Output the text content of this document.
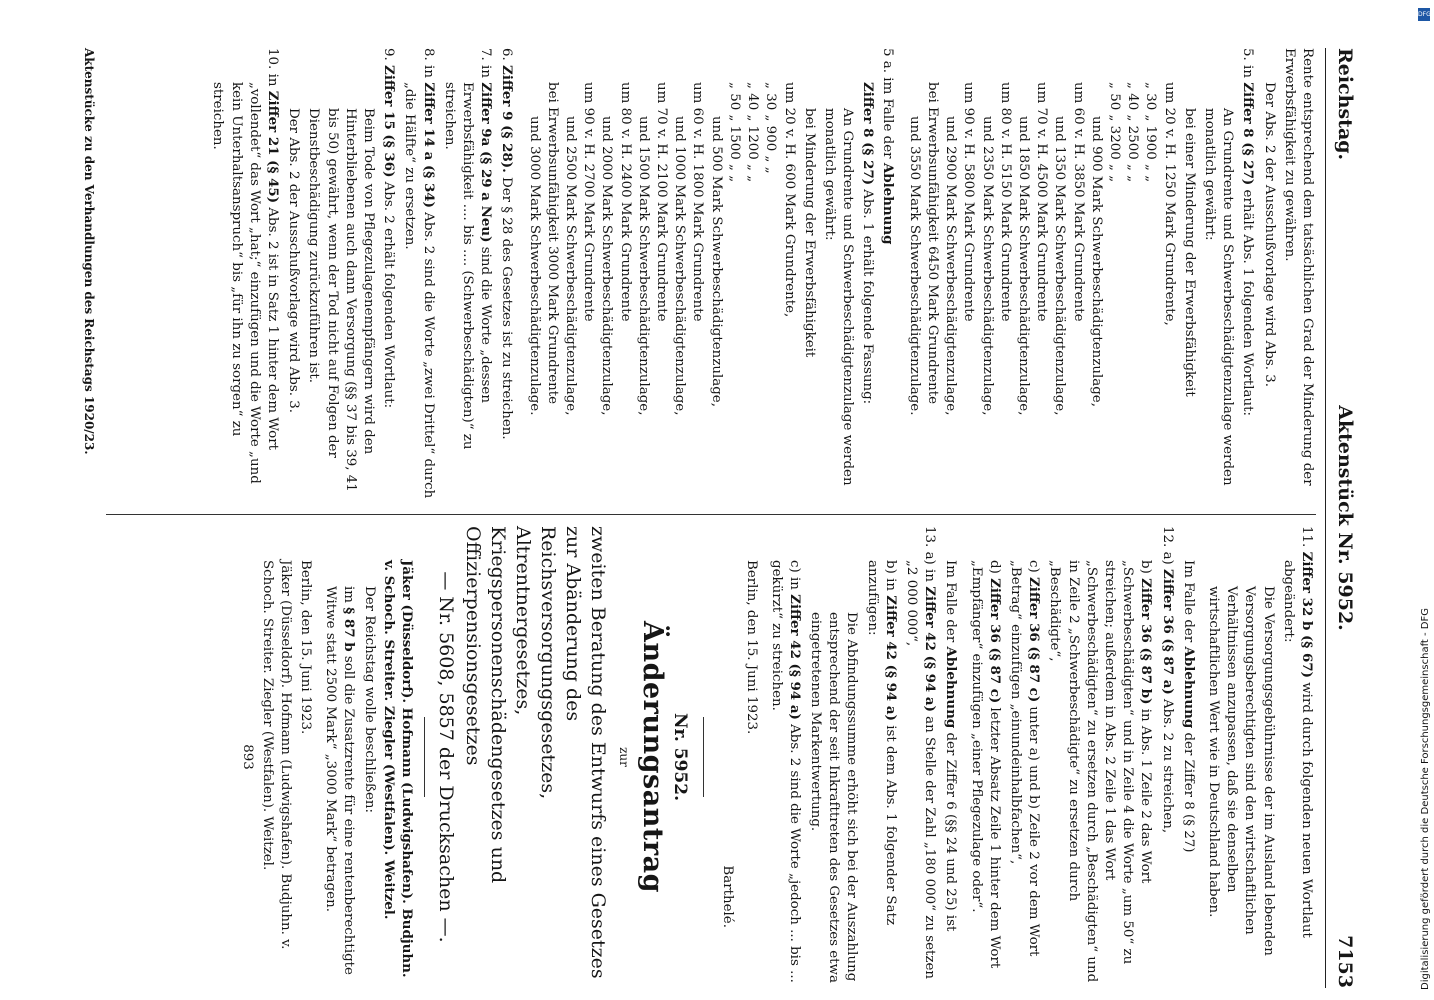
Reichstag.
Aktenstück Nr. 5952.
7153

Rente entsprechend dem tatsächlichen Grad der Minderung der Erwerbsfähigkeit zu gewähren.

Der Abs. 2 der Ausschußvorlage wird Abs. 3.

5. in Ziffer 8 (§ 27) erhält Abs. 1 folgenden Wortlaut:

An Grundrente und Schwerbeschädigtenzulage werden monatlich gewährt:

bei einer Minderung der Erwerbsfähigkeit

um 20 v. H. 1250 Mark Grundrente,
„ 30 „ 1900 „ „
„ 40 „ 2500 „ „
„ 50 „ 3200 „ „
und 900 Mark Schwerbeschädigtenzulage,
um 60 v. H. 3850 Mark Grundrente
und 1350 Mark Schwerbeschädigtenzulage,
um 70 v. H. 4500 Mark Grundrente
und 1850 Mark Schwerbeschädigtenzulage,
um 80 v. H. 5150 Mark Grundrente
und 2350 Mark Schwerbeschädigtenzulage,
um 90 v. H. 5800 Mark Grundrente
und 2900 Mark Schwerbeschädigtenzulage,
bei Erwerbsunfähigkeit 6450 Mark Grundrente
und 3550 Mark Schwerbeschädigtenzulage.

5 a. im Falle der Ablehnung
Ziffer 8 (§ 27) Abs. 1 erhält folgende Fassung:

An Grundrente und Schwerbeschädigtenzulage werden monatlich gewährt:

bei Minderung der Erwerbsfähigkeit

um 20 v. H. 600 Mark Grundrente,
„ 30 „ 900 „ „
„ 40 „ 1200 „ „
„ 50 „ 1500 „ „
und 500 Mark Schwerbeschädigtenzulage,
um 60 v. H. 1800 Mark Grundrente
und 1000 Mark Schwerbeschädigtenzulage,
um 70 v. H. 2100 Mark Grundrente
und 1500 Mark Schwerbeschädigtenzulage,
um 80 v. H. 2400 Mark Grundrente
und 2000 Mark Schwerbeschädigtenzulage,
um 90 v. H. 2700 Mark Grundrente
und 2500 Mark Schwerbeschädigtenzulage,
bei Erwerbsunfähigkeit 3000 Mark Grundrente
und 3000 Mark Schwerbeschädigtenzulage.

6. Ziffer 9 (§ 28). Der § 28 des Gesetzes ist zu streichen.

7. in Ziffer 9a (§ 29 a Neu) sind die Worte „dessen Erwerbsfähigkeit .... bis .... (Schwerbeschädigten)“ zu streichen.

8. in Ziffer 14 a (§ 34) Abs. 2 sind die Worte „zwei Drittel“ durch „die Hälfte“ zu ersetzen.

9. Ziffer 15 (§ 36) Abs. 2 erhält folgenden Wortlaut:

Beim Tode von Pflegezulagenempfängern wird den Hinterbliebenen auch dann Versorgung (§§ 37 bis 39, 41 bis 50) gewährt, wenn der Tod nicht auf Folgen der Dienstbeschädigung zurückzuführen ist.

Der Abs. 2 der Ausschußvorlage wird Abs. 3.

10. in Ziffer 21 (§ 45) Abs. 2 ist in Satz 1 hinter dem Wort „vollendet“ das Wort „hat;“ einzufügen und die Worte „und kein Unterhaltsanspruch“ bis „für ihn zu sorgen“ zu streichen.

11. Ziffer 32 b (§ 67) wird durch folgenden neuen Wortlaut abgeändert:

Die Versorgungsgebührnisse der im Ausland lebenden Versorgungsberechtigten sind den wirtschaftlichen Verhältnissen anzupassen, daß sie denselben wirtschaftlichen Wert wie in Deutschland haben.

Im Falle der Ablehnung der Ziffer 8 (§ 27)

12. a) Ziffer 36 (§ 87 a) Abs. 2 zu streichen,

b) Ziffer 36 (§ 87 b) in Abs. 1 Zeile 2 das Wort „Schwerbeschädigten“ und in Zeile 4 die Worte „um 50“ zu streichen; außerdem in Abs. 2 Zeile 1 das Wort „Schwerbeschädigten“ zu ersetzen durch „Beschädigten“ und in Zeile 2 „Schwerbeschädigte“ zu ersetzen durch „Beschädigte“,

c) Ziffer 36 (§ 87 c) unter a) und b) Zeile 2 vor dem Wort „Betrag“ einzufügen „einundeinhalbfachen“,

d) Ziffer 36 (§ 87 c) letzter Absatz Zeile 1 hinter dem Wort „Empfänger“ einzufügen „einer Pflegezulage oder“.

Im Falle der Ablehnung der Ziffer 6 (§§ 24 und 25) ist

13. a) in Ziffer 42 (§ 94 a) an Stelle der Zahl „180 000“ zu setzen „2 000 000“,

b) in Ziffer 42 (§ 94 a) ist dem Abs. 1 folgender Satz anzufügen:

Die Abfindungssumme erhöht sich bei der Auszahlung entsprechend der seit Inkrafttreten des Gesetzes etwa eingetretenen Markentwertung.

c) in Ziffer 42 (§ 94 a) Abs. 2 sind die Worte „jedoch ... bis ... gekürzt“ zu streichen.

Berlin, den 15. Juni 1923.

Barthelé.

Nr. 5952.
Änderungsantrag
zur

zweiten Beratung des Entwurfs eines Gesetzes zur Abänderung des Reichsversorgungsgesetzes, Altrentnergesetzes, Kriegspersonenschädengesetzes und Offizierpensionsgesetzes

— Nr. 5608, 5857 der Drucksachen —.

Jäker (Düsseldorf). Hofmann (Ludwigshafen). Budjuhn. v. Schoch. Streiter. Ziegler (Westfalen). Weitzel.

Der Reichstag wolle beschließen:

im § 87 b soll die Zusatzrente für eine rentenberechtigte Witwe statt 2500 Mark“ „3000 Mark“ betragen.

Berlin, den 15. Juni 1923.

Jäker (Düsseldorf). Hofmann (Ludwigshafen). Budjuhn. v. Schoch. Streiter. Ziegler (Westfalen). Weitzel.

893

Aktenstücke zu den Verhandlungen des Reichstags 1920/23.
DFG
Digitalisierung gefördert durch die Deutsche Forschungsgemeinschaft - DFG
